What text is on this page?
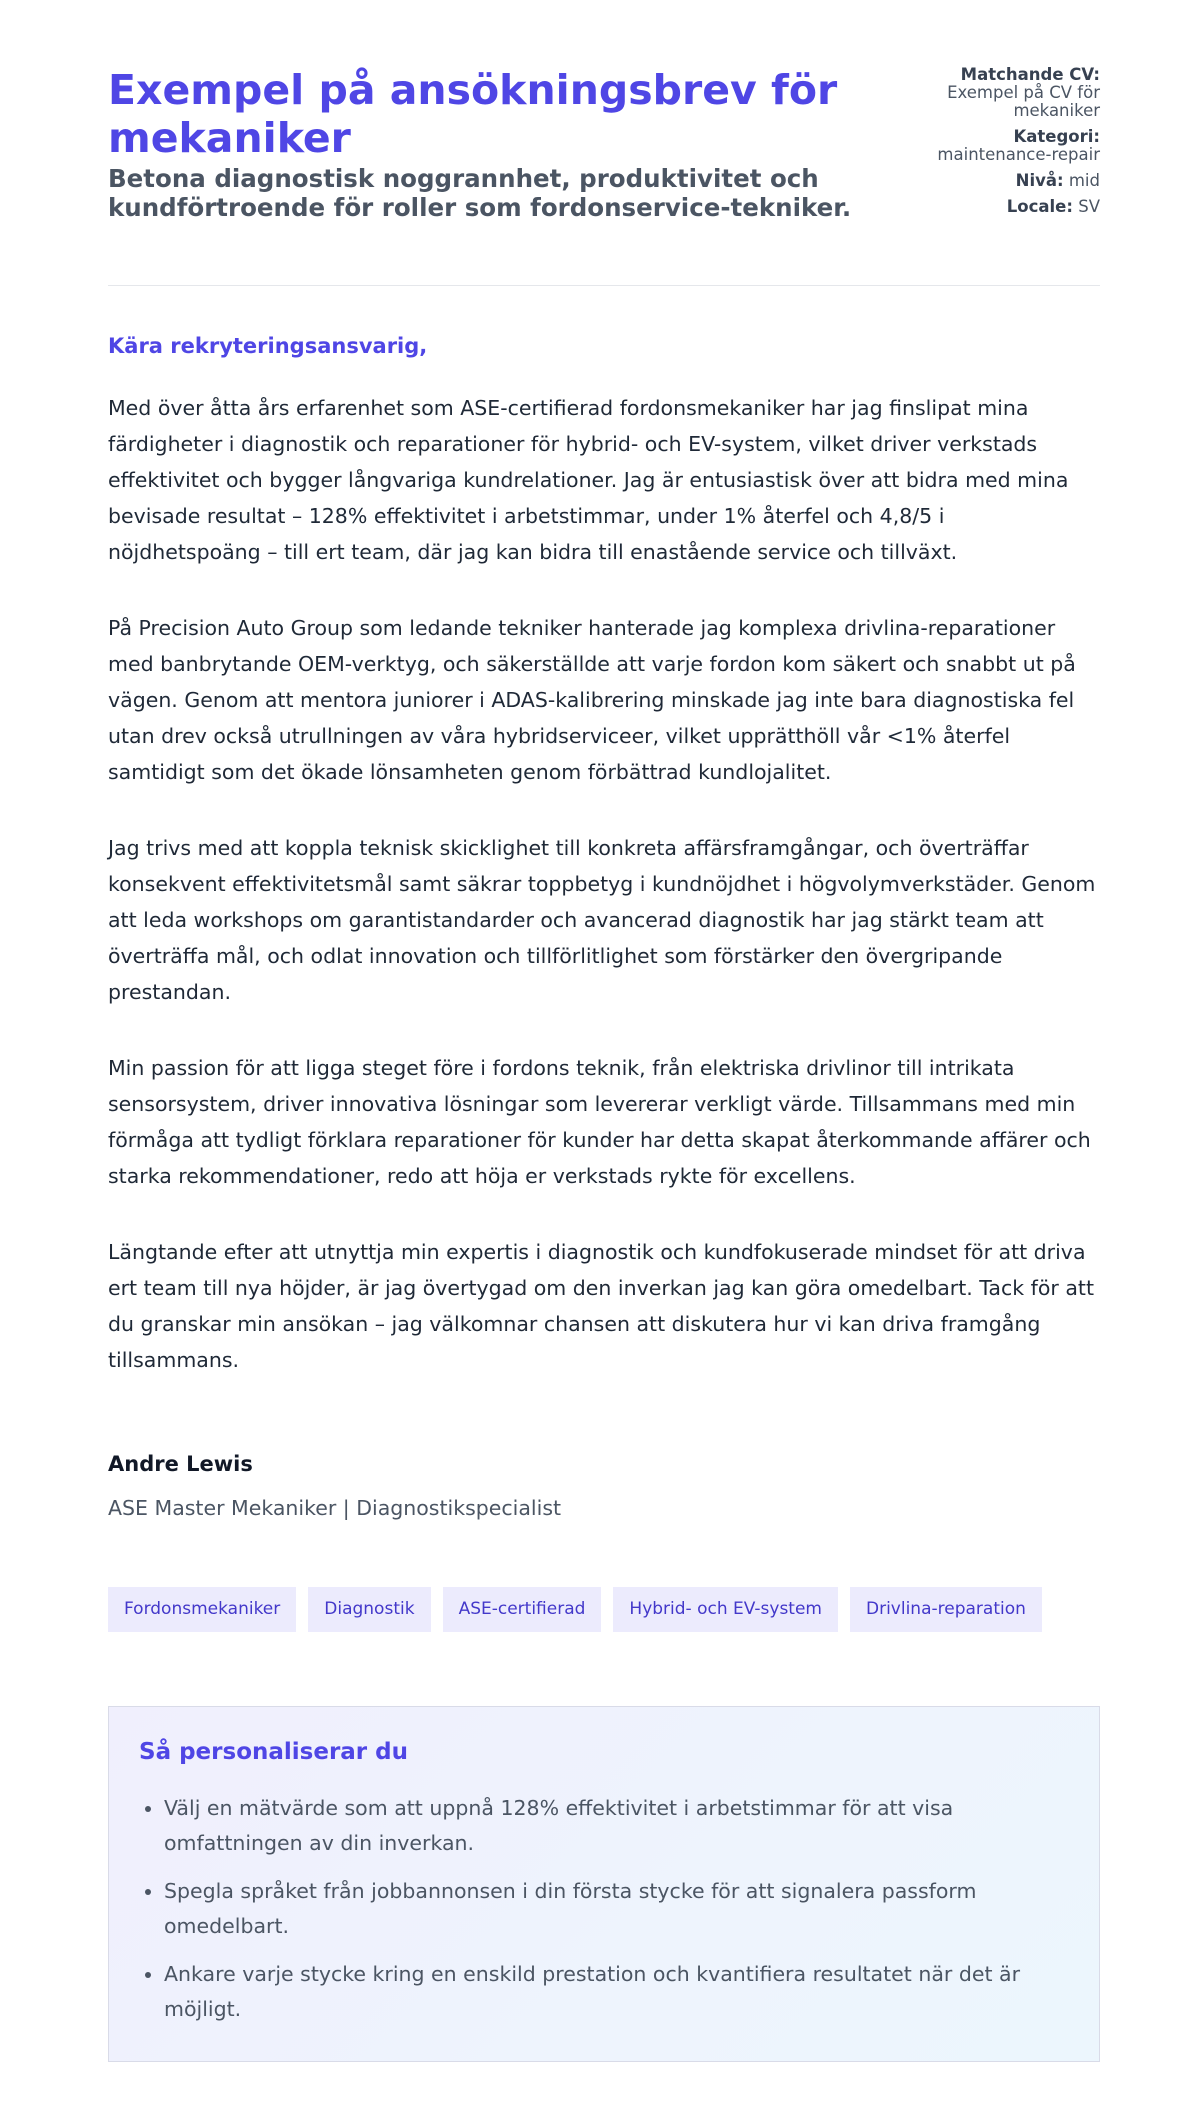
Exempel på ansökningsbrev för mekaniker
Betona diagnostisk noggrannhet, produktivitet och kundförtroende för roller som fordonservice-tekniker.
Matchande CV:
Exempel på CV för mekaniker
Kategori:
maintenance-repair
Nivå: mid
Locale: SV
Kära rekryteringsansvarig,

Med över åtta års erfarenhet som ASE-certifierad fordonsmekaniker har jag finslipat mina färdigheter i diagnostik och reparationer för hybrid- och EV-system, vilket driver verkstads effektivitet och bygger långvariga kundrelationer. Jag är entusiastisk över att bidra med mina bevisade resultat – 128% effektivitet i arbetstimmar, under 1% återfel och 4,8/5 i nöjdhetspoäng – till ert team, där jag kan bidra till enastående service och tillväxt.

På Precision Auto Group som ledande tekniker hanterade jag komplexa drivlina-reparationer med banbrytande OEM-verktyg, och säkerställde att varje fordon kom säkert och snabbt ut på vägen. Genom att mentora juniorer i ADAS-kalibrering minskade jag inte bara diagnostiska fel utan drev också utrullningen av våra hybridserviceer, vilket upprätthöll vår <1% återfel samtidigt som det ökade lönsamheten genom förbättrad kundlojalitet.

Jag trivs med att koppla teknisk skicklighet till konkreta affärsframgångar, och överträffar konsekvent effektivitetsmål samt säkrar toppbetyg i kundnöjdhet i högvolymverkstäder. Genom att leda workshops om garantistandarder och avancerad diagnostik har jag stärkt team att överträffa mål, och odlat innovation och tillförlitlighet som förstärker den övergripande prestandan.

Min passion för att ligga steget före i fordons teknik, från elektriska drivlinor till intrikata sensorsystem, driver innovativa lösningar som levererar verkligt värde. Tillsammans med min förmåga att tydligt förklara reparationer för kunder har detta skapat återkommande affärer och starka rekommendationer, redo att höja er verkstads rykte för excellens.

Längtande efter att utnyttja min expertis i diagnostik och kundfokuserade mindset för att driva ert team till nya höjder, är jag övertygad om den inverkan jag kan göra omedelbart. Tack för att du granskar min ansökan – jag välkomnar chansen att diskutera hur vi kan driva framgång tillsammans.

Andre Lewis
ASE Master Mekaniker | Diagnostikspecialist
Fordonsmekaniker	Diagnostik	ASE-certifierad	Hybrid- och EV-system	Drivlina-reparation
Så personaliserar du
• Välj en mätvärde som att uppnå 128% effektivitet i arbetstimmar för att visa omfattningen av din inverkan.
• Spegla språket från jobbannonsen i din första stycke för att signalera passform omedelbart.
• Ankare varje stycke kring en enskild prestation och kvantifiera resultatet när det är möjligt.
